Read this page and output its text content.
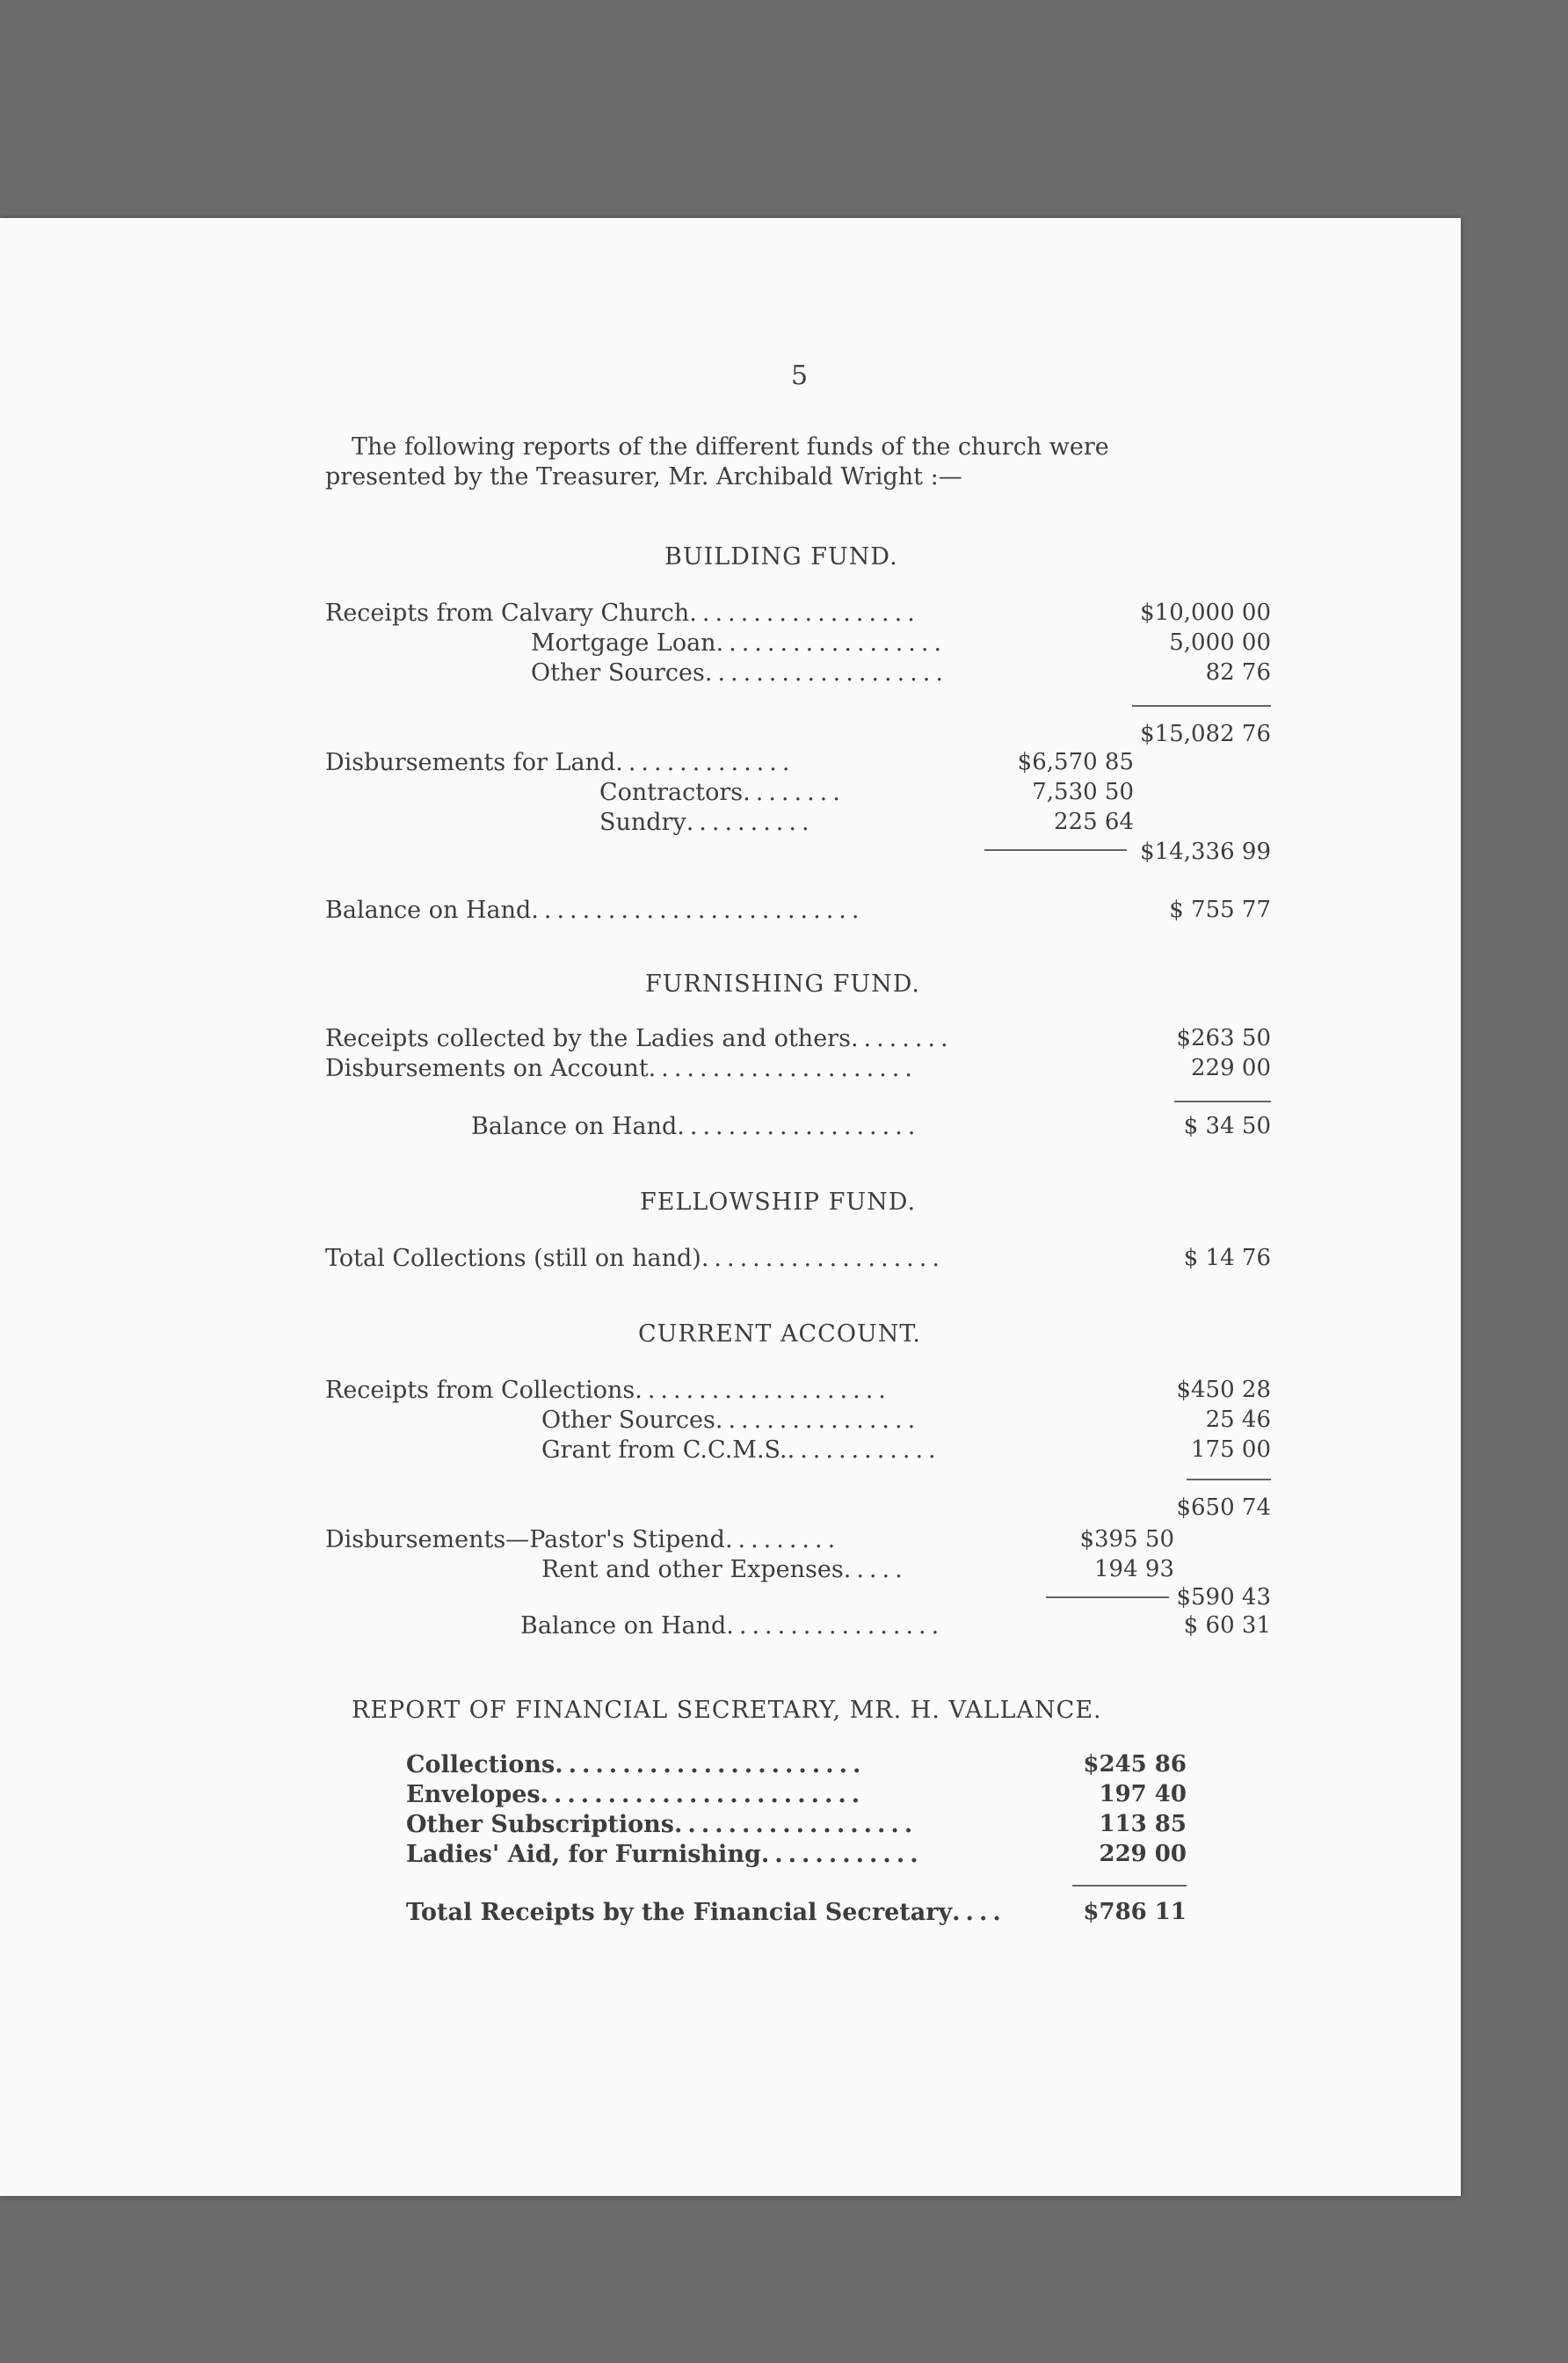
5
The following reports of the different funds of the church were
presented by the Treasurer, Mr. Archibald Wright :—
BUILDING FUND.
Receipts from Calvary Church..................	$10,000 00
Mortgage Loan..................	5,000 00
Other Sources...................	82 76
$15,082 76
Disbursements for Land..............	$6,570 85
Contractors........	7,530 50
Sundry..........	225 64
$14,336 99
Balance on Hand..........................	$ 755 77
FURNISHING FUND.
Receipts collected by the Ladies and others........	$263 50
Disbursements on Account.....................	229 00
Balance on Hand...................	$ 34 50
FELLOWSHIP FUND.
Total Collections (still on hand)...................	$ 14 76
CURRENT ACCOUNT.
Receipts from Collections....................	$450 28
Other Sources................	25 46
Grant from C.C.M.S.............	175 00
$650 74
Disbursements—Pastor's Stipend.........	$395 50
Rent and other Expenses.....	194 93
$590 43
Balance on Hand.................	$ 60 31
REPORT OF FINANCIAL SECRETARY, MR. H. VALLANCE.
Collections.......................	$245 86
Envelopes........................	197 40
Other Subscriptions..................	113 85
Ladies' Aid, for Furnishing............	229 00
Total Receipts by the Financial Secretary....	$786 11
